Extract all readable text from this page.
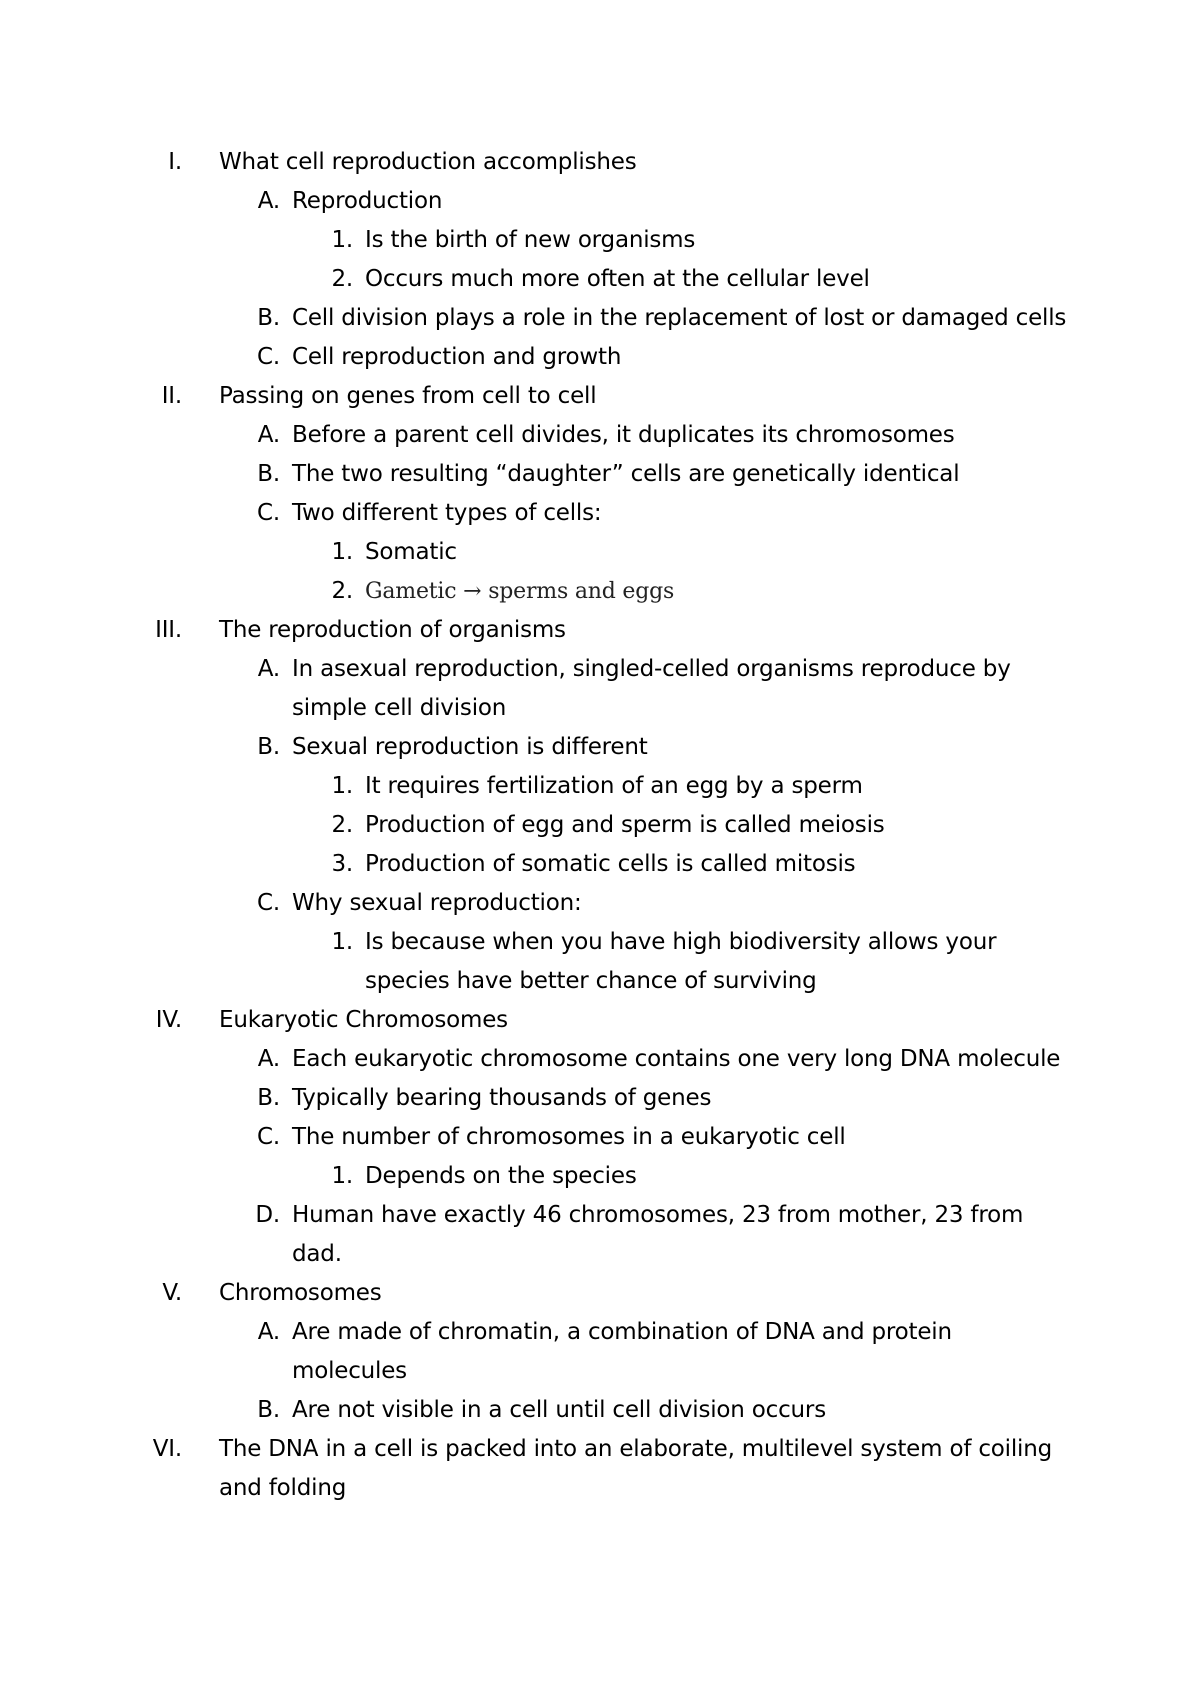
I. What cell reproduction accomplishes
A. Reproduction
1. Is the birth of new organisms
2. Occurs much more often at the cellular level
B. Cell division plays a role in the replacement of lost or damaged cells
C. Cell reproduction and growth
II. Passing on genes from cell to cell
A. Before a parent cell divides, it duplicates its chromosomes
B. The two resulting “daughter” cells are genetically identical
C. Two different types of cells:
1. Somatic
2. Gametic → sperms and eggs
III. The reproduction of organisms
A. In asexual reproduction, singled-celled organisms reproduce by
simple cell division
B. Sexual reproduction is different
1. It requires fertilization of an egg by a sperm
2. Production of egg and sperm is called meiosis
3. Production of somatic cells is called mitosis
C. Why sexual reproduction:
1. Is because when you have high biodiversity allows your
species have better chance of surviving
IV. Eukaryotic Chromosomes
A. Each eukaryotic chromosome contains one very long DNA molecule
B. Typically bearing thousands of genes
C. The number of chromosomes in a eukaryotic cell
1. Depends on the species
D. Human have exactly 46 chromosomes, 23 from mother, 23 from
dad.
V. Chromosomes
A. Are made of chromatin, a combination of DNA and protein
molecules
B. Are not visible in a cell until cell division occurs
VI. The DNA in a cell is packed into an elaborate, multilevel system of coiling
and folding
